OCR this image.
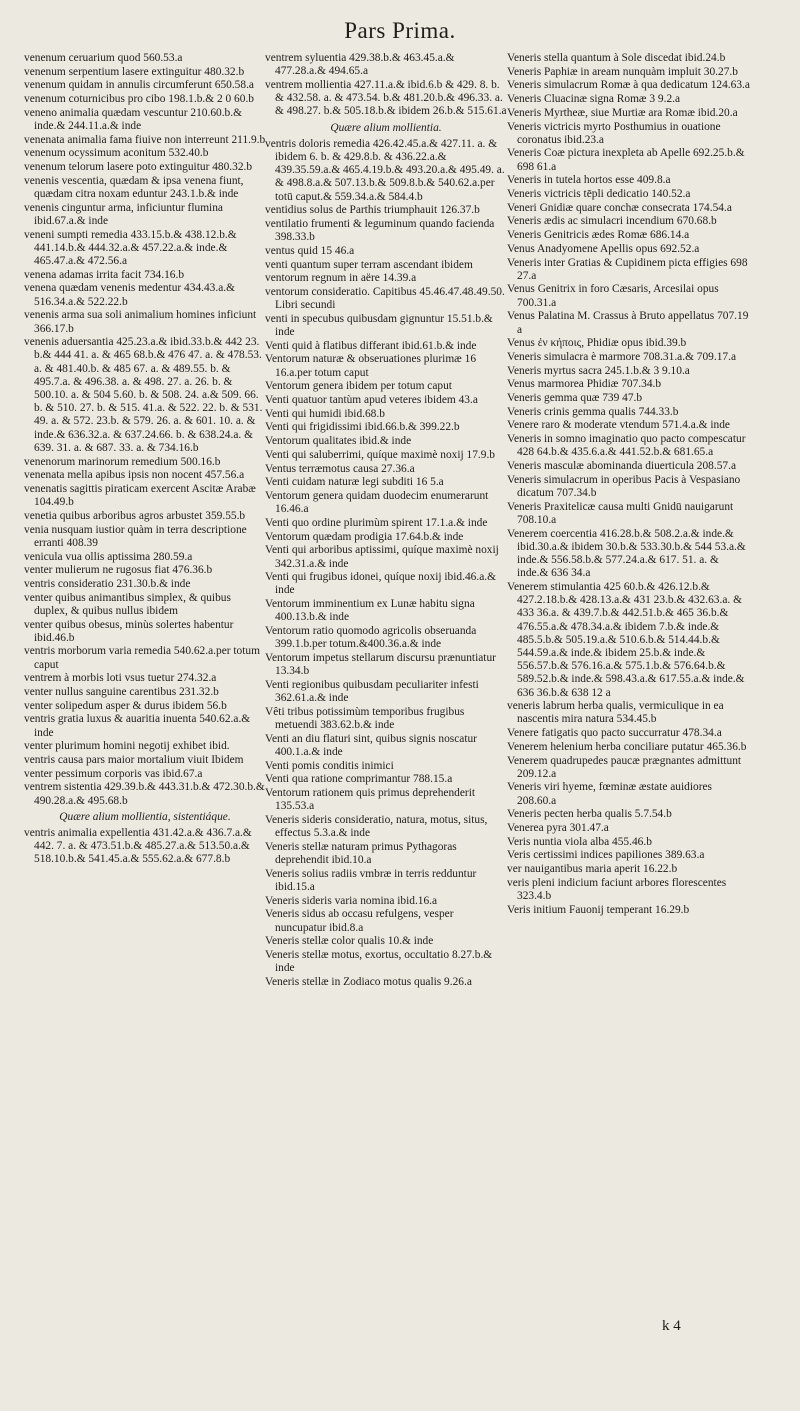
Pars Prima.
venenum ceruarium quod 560.53.a
venenum serpentium lasere extinguitur 480.32.b
venenum quidam in annulis circumferunt 650.58.a
venenum coturnicibus pro cibo 198.1.b.& 2 0 60.b
veneno animalia quædam vescuntur 210.60.b.& inde.& 244.11.a.& inde
venenata animalia fama fiuive non interreunt 211.9.b
venenum ocyssimum aconitum 532.40.b
venenum telorum lasere poto extinguitur 480.32.b
venenis vescentia, quædam & ipsa venena fiunt, quædam citra noxam eduntur 243.1.b.& inde
venenis cinguntur arma, inficiuntur flumina ibid.67.a.& inde
veneni sumpti remedia 433.15.b.& 438.12.b.& 441.14.b.& 444.32.a.& 457.22.a.& inde.& 465.47.a.& 472.56.a
venena adamas irrita facit 734.16.b
venena quædam venenis medentur 434.43.a.& 516.34.a.& 522.22.b
venenis arma sua soli animalium homines inficiunt 366.17.b
venenis aduersantia 425.23.a.& ibid.33.b.& 442 23. b.& 444 41. a. & 465 68.b.& 476 47. a. & 478.53. a. & 481.40.b. & 485 67. a. & 489.55. b. & 495.7.a. & 496.38. a. & 498. 27. a. 26. b. & 500.10. a. & 504 5.60. b. & 508. 24. a.& 509. 66. b. & 510. 27. b. & 515. 41.a. & 522. 22. b. & 531. 49. a. & 572. 23.b. & 579. 26. a. & 601. 10. a. & inde.& 636.32.a. & 637.24.66. b. & 638.24.a. & 639. 31. a. & 687. 33. a. & 734.16.b
venenorum marinorum remedium 500.16.b
venenata mella apibus ipsis non nocent 457.56.a
venenatis sagittis piraticam exercent Ascitæ Arabæ 104.49.b
venetia quibus arboribus agros arbustet 359.55.b
venia nusquam iustior quàm in terra descriptione erranti 408.39
venicula vua ollis aptissima 280.59.a
venter mulierum ne rugosus fiat 476.36.b
ventris consideratio 231.30.b.& inde
venter quibus animantibus simplex, & quibus duplex, & quibus nullus ibidem
venter quibus obesus, minùs solertes habentur ibid.46.b
ventris morborum varia remedia 540.62.a.per totum caput
ventrem à morbis loti vsus tuetur 274.32.a
venter nullus sanguine carentibus 231.32.b
venter solipedum asper & durus ibidem 56.b
ventris gratia luxus & auaritia inuenta 540.62.a.& inde
venter plurimum homini negotij exhibet ibid.
ventris causa pars maior mortalium viuit Ibidem
venter pessimum corporis vas ibid.67.a
ventrem sistentia 429.39.b.& 443.31.b.& 472.30.b.& 490.28.a.& 495.68.b
Quære alium mollientia, sistentiáque.
ventris animalia expellentia 431.42.a.& 436.7.a.& 442. 7. a. & 473.51.b.& 485.27.a.& 513.50.a.& 518.10.b.& 541.45.a.& 555.62.a.& 677.8.b
ventrem syluentia 429.38.b.& 463.45.a.& 477.28.a.& 494.65.a
ventrem mollientia 427.11.a.& ibid.6.b & 429. 8. b. & 432.58. a. & 473.54. b.& 481.20.b.& 496.33. a. & 498.27. b.& 505.18.b.& ibidem 26.b.& 515.61.a
Quære alium mollientia.
ventris doloris remedia 426.42.45.a.& 427.11. a. & ibidem 6. b. & 429.8.b. & 436.22.a.& 439.35.59.a.& 465.4.19.b.& 493.20.a.& 495.49. a. & 498.8.a.& 507.13.b.& 509.8.b.& 540.62.a.per totū caput.& 559.34.a.& 584.4.b
ventidius solus de Parthis triumphauit 126.37.b
ventilatio frumenti & leguminum quando facienda 398.33.b
ventus quid 15 46.a
venti quantum super terram ascendant ibidem
ventorum regnum in aëre 14.39.a
ventorum consideratio. Capitibus 45.46.47.48.49.50. Libri secundi
venti in specubus quibusdam gignuntur 15.51.b.& inde
Venti quid à flatibus differant ibid.61.b.& inde
Ventorum naturæ & obseruationes plurimæ 16 16.a.per totum caput
Ventorum genera ibidem per totum caput
Venti quatuor tantùm apud veteres ibidem 43.a
Venti qui humidi ibid.68.b
Venti qui frigidissimi ibid.66.b.& 399.22.b
Ventorum qualitates ibid.& inde
Venti qui saluberrimi, quíque maximè noxij 17.9.b
Ventus terræmotus causa 27.36.a
Venti cuidam naturæ legi subditi 16 5.a
Ventorum genera quidam duodecim enumerarunt 16.46.a
Venti quo ordine plurimùm spirent 17.1.a.& inde
Ventorum quædam prodigia 17.64.b.& inde
Venti qui arboribus aptissimi, quíque maximè noxij 342.31.a.& inde
Venti qui frugibus idonei, quíque noxij ibid.46.a.& inde
Ventorum imminentium ex Lunæ habitu signa 400.13.b.& inde
Ventorum ratio quomodo agricolis obseruanda 399.1.b.per totum.&400.36.a.& inde
Ventorum impetus stellarum discursu prænuntiatur 13.34.b
Venti regionibus quibusdam peculiariter infesti 362.61.a.& inde
Vêti tribus potissimùm temporibus frugibus metuendi 383.62.b.& inde
Venti an diu flaturi sint, quibus signis noscatur 400.1.a.& inde
Venti pomis conditis inimici
Venti qua ratione comprimantur 788.15.a
Ventorum rationem quis primus deprehenderit 135.53.a
Veneris sideris consideratio, natura, motus, situs, effectus 5.3.a.& inde
Veneris stellæ naturam primus Pythagoras deprehendit ibid.10.a
Veneris solius radiis vmbræ in terris redduntur ibid.15.a
Veneris sideris varia nomina ibid.16.a
Veneris sidus ab occasu refulgens, vesper nuncupatur ibid.8.a
Veneris stellæ color qualis 10.& inde
Veneris stellæ motus, exortus, occultatio 8.27.b.& inde
Veneris stellæ in Zodiaco motus qualis 9.26.a
Veneris stella quantum à Sole discedat ibid.24.b
Veneris Paphiæ in aream nunquàm impluit 30.27.b
Veneris simulacrum Romæ à qua dedicatum 124.63.a
Veneris Cluacinæ signa Romæ 3 9.2.a
Veneris Myrtheæ, siue Murtiæ ara Romæ ibid.20.a
Veneris victricis myrto Posthumius in ouatione coronatus ibid.23.a
Veneris Coæ pictura inexpleta ab Apelle 692.25.b.& 698 61.a
Veneris in tutela hortos esse 409.8.a
Veneris victricis tēpli dedicatio 140.52.a
Veneri Gnidiæ quare conchæ consecrata 174.54.a
Veneris ædis ac simulacri incendium 670.68.b
Veneris Genitricis ædes Romæ 686.14.a
Venus Anadyomene Apellis opus 692.52.a
Veneris inter Gratias & Cupidinem picta effigies 698 27.a
Venus Genitrix in foro Cæsaris, Arcesilai opus 700.31.a
Venus Palatina M. Crassus à Bruto appellatus 707.19 a
Venus ἐν κήποις, Phidiæ opus ibid.39.b
Veneris simulacra è marmore 708.31.a.& 709.17.a
Veneris myrtus sacra 245.1.b.& 3 9.10.a
Venus marmorea Phidiæ 707.34.b
Veneris gemma quæ 739 47.b
Veneris crinis gemma qualis 744.33.b
Venere raro & moderate vtendum 571.4.a.& inde
Veneris in somno imaginatio quo pacto compescatur 428 64.b.& 435.6.a.& 441.52.b.& 681.65.a
Veneris masculæ abominanda diuerticula 208.57.a
Veneris simulacrum in operibus Pacis à Vespasiano dicatum 707.34.b
Veneris Praxitelicæ causa multi Gnidū nauigarunt 708.10.a
Venerem coercentia 416.28.b.& 508.2.a.& inde.& ibid.30.a.& ibidem 30.b.& 533.30.b.& 544 53.a.& inde.& 556.58.b.& 577.24.a.& 617. 51. a. & inde.& 636 34.a
Venerem stimulantia 425 60.b.& 426.12.b.& 427.2.18.b.& 428.13.a.& 431 23.b.& 432.63.a. & 433 36.a. & 439.7.b.& 442.51.b.& 465 36.b.& 476.55.a.& 478.34.a.& ibidem 7.b.& inde.& 485.5.b.& 505.19.a.& 510.6.b.& 514.44.b.& 544.59.a.& inde.& ibidem 25.b.& inde.& 556.57.b.& 576.16.a.& 575.1.b.& 576.64.b.& 589.52.b.& inde.& 598.43.a.& 617.55.a.& inde.& 636 36.b.& 638 12 a
veneris labrum herba qualis, vermiculique in ea nascentis mira natura 534.45.b
Venere fatigatis quo pacto succurratur 478.34.a
Venerem helenium herba conciliare putatur 465.36.b
Venerem quadrupedes paucæ prægnantes admittunt 209.12.a
Veneris viri hyeme, fœminæ æstate auidiores 208.60.a
Veneris pecten herba qualis 5.7.54.b
Venerea pyra 301.47.a
Veris nuntia viola alba 455.46.b
Veris certissimi indices papiliones 389.63.a
ver nauigantibus maria aperit 16.22.b
veris pleni indicium faciunt arbores florescentes 323.4.b
Veris initium Fauonij temperant 16.29.b
k 4
